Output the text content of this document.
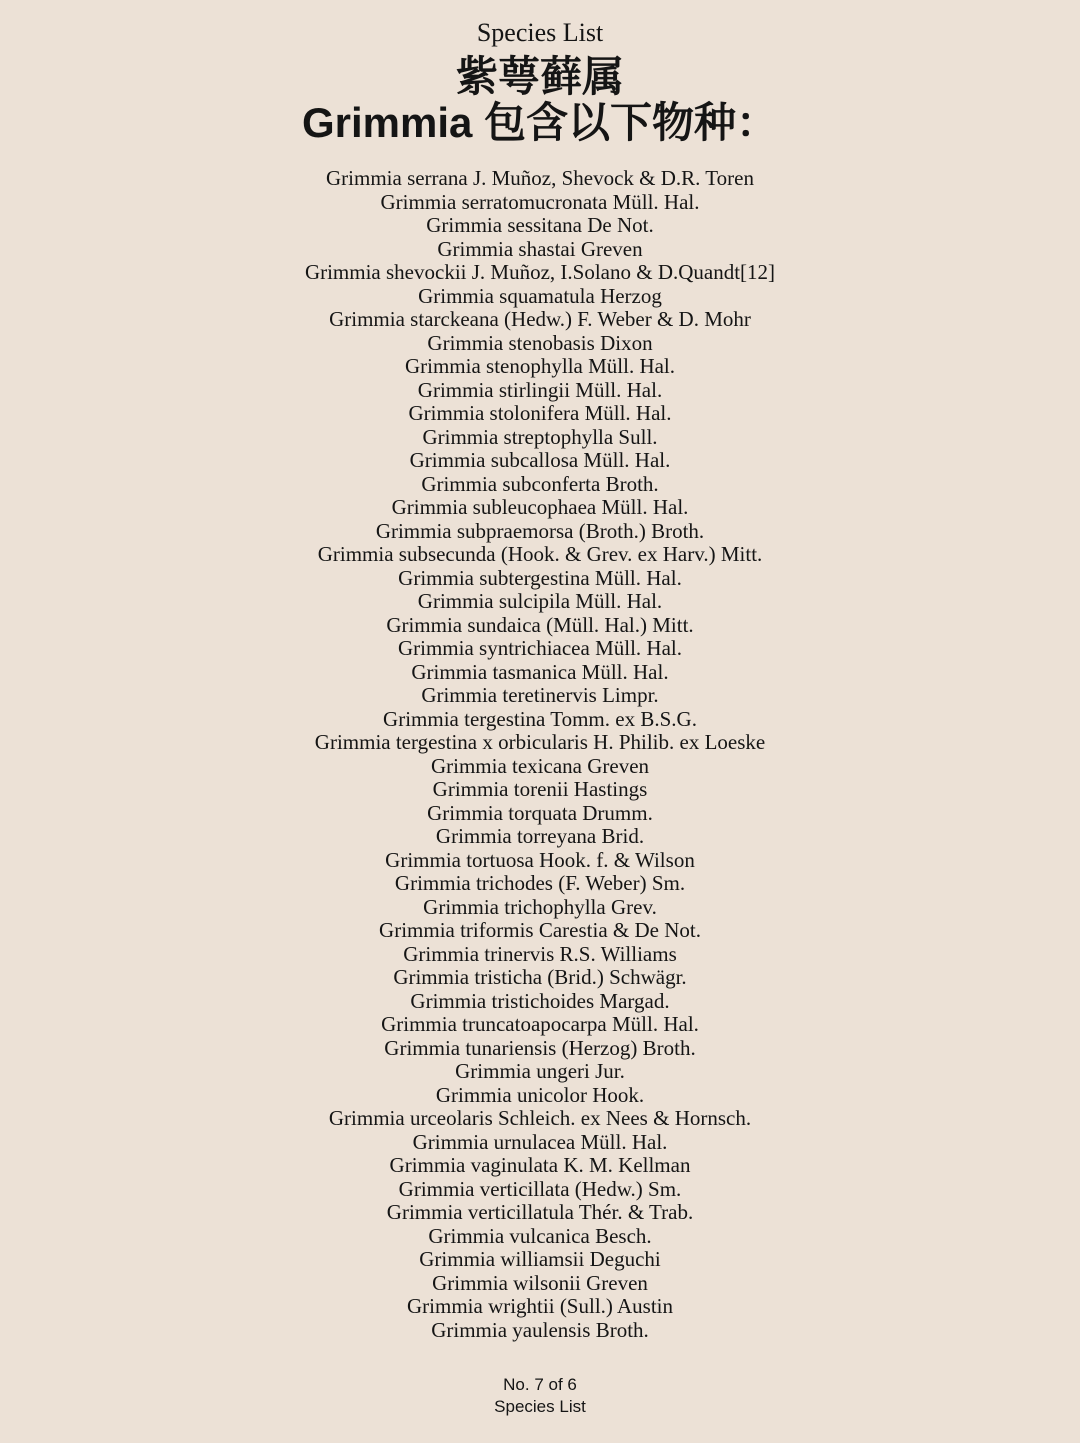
Species List
紫萼藓属
Grimmia 包含以下物种：
Grimmia serrana J. Muñoz, Shevock & D.R. Toren
Grimmia serratomucronata Müll. Hal.
Grimmia sessitana De Not.
Grimmia shastai Greven
Grimmia shevockii J. Muñoz, I.Solano & D.Quandt[12]
Grimmia squamatula Herzog
Grimmia starckeana (Hedw.) F. Weber & D. Mohr
Grimmia stenobasis Dixon
Grimmia stenophylla Müll. Hal.
Grimmia stirlingii Müll. Hal.
Grimmia stolonifera Müll. Hal.
Grimmia streptophylla Sull.
Grimmia subcallosa Müll. Hal.
Grimmia subconferta Broth.
Grimmia subleucophaea Müll. Hal.
Grimmia subpraemorsa (Broth.) Broth.
Grimmia subsecunda (Hook. & Grev. ex Harv.) Mitt.
Grimmia subtergestina Müll. Hal.
Grimmia sulcipila Müll. Hal.
Grimmia sundaica (Müll. Hal.) Mitt.
Grimmia syntrichiacea Müll. Hal.
Grimmia tasmanica Müll. Hal.
Grimmia teretinervis Limpr.
Grimmia tergestina Tomm. ex B.S.G.
Grimmia tergestina x orbicularis H. Philib. ex Loeske
Grimmia texicana Greven
Grimmia torenii Hastings
Grimmia torquata Drumm.
Grimmia torreyana Brid.
Grimmia tortuosa Hook. f. & Wilson
Grimmia trichodes (F. Weber) Sm.
Grimmia trichophylla Grev.
Grimmia triformis Carestia & De Not.
Grimmia trinervis R.S. Williams
Grimmia tristicha (Brid.) Schwägr.
Grimmia tristichoides Margad.
Grimmia truncatoapocarpa Müll. Hal.
Grimmia tunariensis (Herzog) Broth.
Grimmia ungeri Jur.
Grimmia unicolor Hook.
Grimmia urceolaris Schleich. ex Nees & Hornsch.
Grimmia urnulacea Müll. Hal.
Grimmia vaginulata K. M. Kellman
Grimmia verticillata (Hedw.) Sm.
Grimmia verticillatula Thér. & Trab.
Grimmia vulcanica Besch.
Grimmia williamsii Deguchi
Grimmia wilsonii Greven
Grimmia wrightii (Sull.) Austin
Grimmia yaulensis Broth.
No. 7 of 6
Species List
